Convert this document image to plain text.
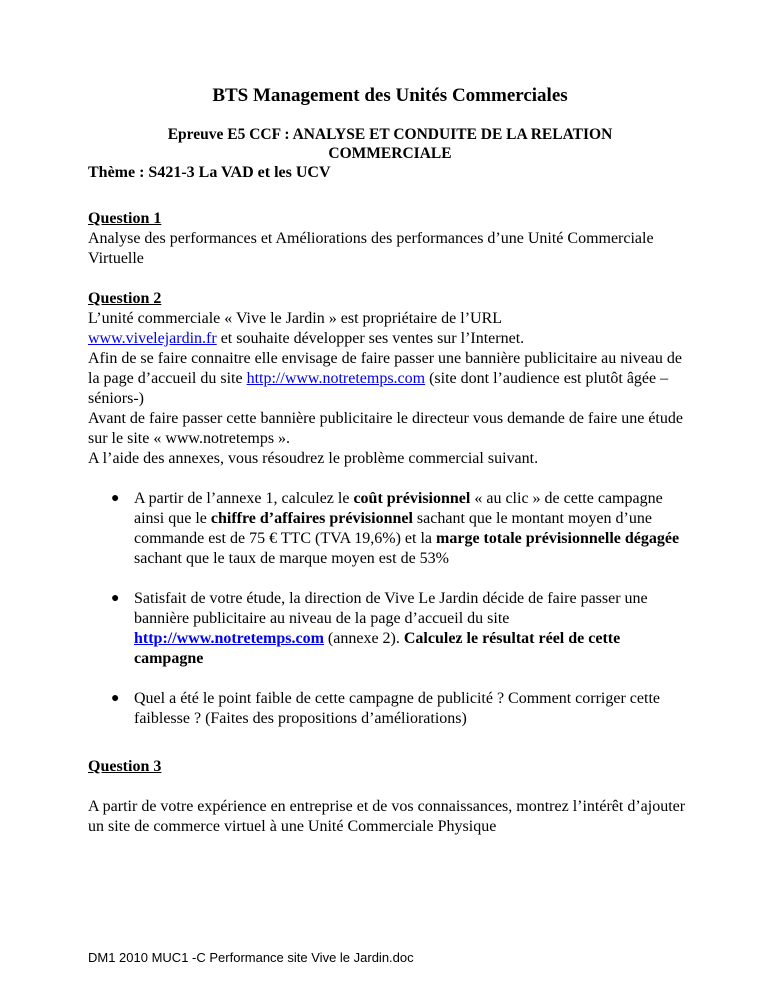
BTS Management des Unités Commerciales

Epreuve E5 CCF : ANALYSE ET CONDUITE DE LA RELATION COMMERCIALE

Thème : S421-3 La VAD et les UCV

Question 1

Analyse des performances et Améliorations des performances d’une Unité Commerciale Virtuelle

Question 2

L’unité commerciale « Vive le Jardin » est propriétaire de l’URL
www.vivelejardin.fr et souhaite développer ses ventes sur l’Internet.

Afin de se faire connaitre elle envisage de faire passer une bannière publicitaire au niveau de la page d’accueil du site http://www.notretemps.com (site dont l’audience est plutôt âgée –séniors-)

Avant de faire passer cette bannière publicitaire le directeur vous demande de faire une étude sur le site « www.notretemps ».

A l’aide des annexes, vous résoudrez le problème commercial suivant.

● A partir de l’annexe 1, calculez le coût prévisionnel « au clic » de cette campagne ainsi que le chiffre d’affaires prévisionnel sachant que le montant moyen d’une commande est de 75 € TTC (TVA 19,6%) et la marge totale prévisionnelle dégagée sachant que le taux de marque moyen est de 53%
● Satisfait de votre étude, la direction de Vive Le Jardin décide de faire passer une bannière publicitaire au niveau de la page d’accueil du site http://www.notretemps.com (annexe 2). Calculez le résultat réel de cette campagne
● Quel a été le point faible de cette campagne de publicité ? Comment corriger cette faiblesse ? (Faites des propositions d’améliorations)

Question 3

A partir de votre expérience en entreprise et de vos connaissances, montrez l’intérêt d’ajouter un site de commerce virtuel à une Unité Commerciale Physique

DM1 2010 MUC1 -C Performance site Vive le Jardin.doc
